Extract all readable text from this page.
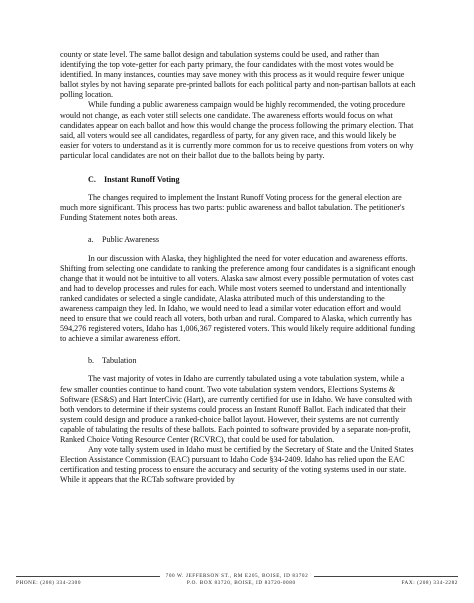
county or state level. The same ballot design and tabulation systems could be used, and rather than identifying the top vote-getter for each party primary, the four candidates with the most votes would be identified. In many instances, counties may save money with this process as it would require fewer unique ballot styles by not having separate pre-printed ballots for each political party and non-partisan ballots at each polling location.

While funding a public awareness campaign would be highly recommended, the voting procedure would not change, as each voter still selects one candidate. The awareness efforts would focus on what candidates appear on each ballot and how this would change the process following the primary election. That said, all voters would see all candidates, regardless of party, for any given race, and this would likely be easier for voters to understand as it is currently more common for us to receive questions from voters on why particular local candidates are not on their ballot due to the ballots being by party.

C. Instant Runoff Voting

The changes required to implement the Instant Runoff Voting process for the general election are much more significant. This process has two parts: public awareness and ballot tabulation. The petitioner's Funding Statement notes both areas.

a. Public Awareness

In our discussion with Alaska, they highlighted the need for voter education and awareness efforts. Shifting from selecting one candidate to ranking the preference among four candidates is a significant enough change that it would not be intuitive to all voters. Alaska saw almost every possible permutation of votes cast and had to develop processes and rules for each. While most voters seemed to understand and intentionally ranked candidates or selected a single candidate, Alaska attributed much of this understanding to the awareness campaign they led. In Idaho, we would need to lead a similar voter education effort and would need to ensure that we could reach all voters, both urban and rural. Compared to Alaska, which currently has 594,276 registered voters, Idaho has 1,006,367 registered voters. This would likely require additional funding to achieve a similar awareness effort.

b. Tabulation

The vast majority of votes in Idaho are currently tabulated using a vote tabulation system, while a few smaller counties continue to hand count. Two vote tabulation system vendors, Elections Systems & Software (ES&S) and Hart InterCivic (Hart), are currently certified for use in Idaho. We have consulted with both vendors to determine if their systems could process an Instant Runoff Ballot. Each indicated that their system could design and produce a ranked-choice ballot layout. However, their systems are not currently capable of tabulating the results of these ballots. Each pointed to software provided by a separate non-profit, Ranked Choice Voting Resource Center (RCVRC), that could be used for tabulation.

Any vote tally system used in Idaho must be certified by the Secretary of State and the United States Election Assistance Commission (EAC) pursuant to Idaho Code §34-2409. Idaho has relied upon the EAC certification and testing process to ensure the accuracy and security of the voting systems used in our state. While it appears that the RCTab software provided by

700 W. JEFFERSON ST., RM E205, BOISE, ID 83702
PHONE: (208) 334-2300	P.O. BOX 83720, BOISE, ID 83720-0080	FAX: (208) 334-2282
